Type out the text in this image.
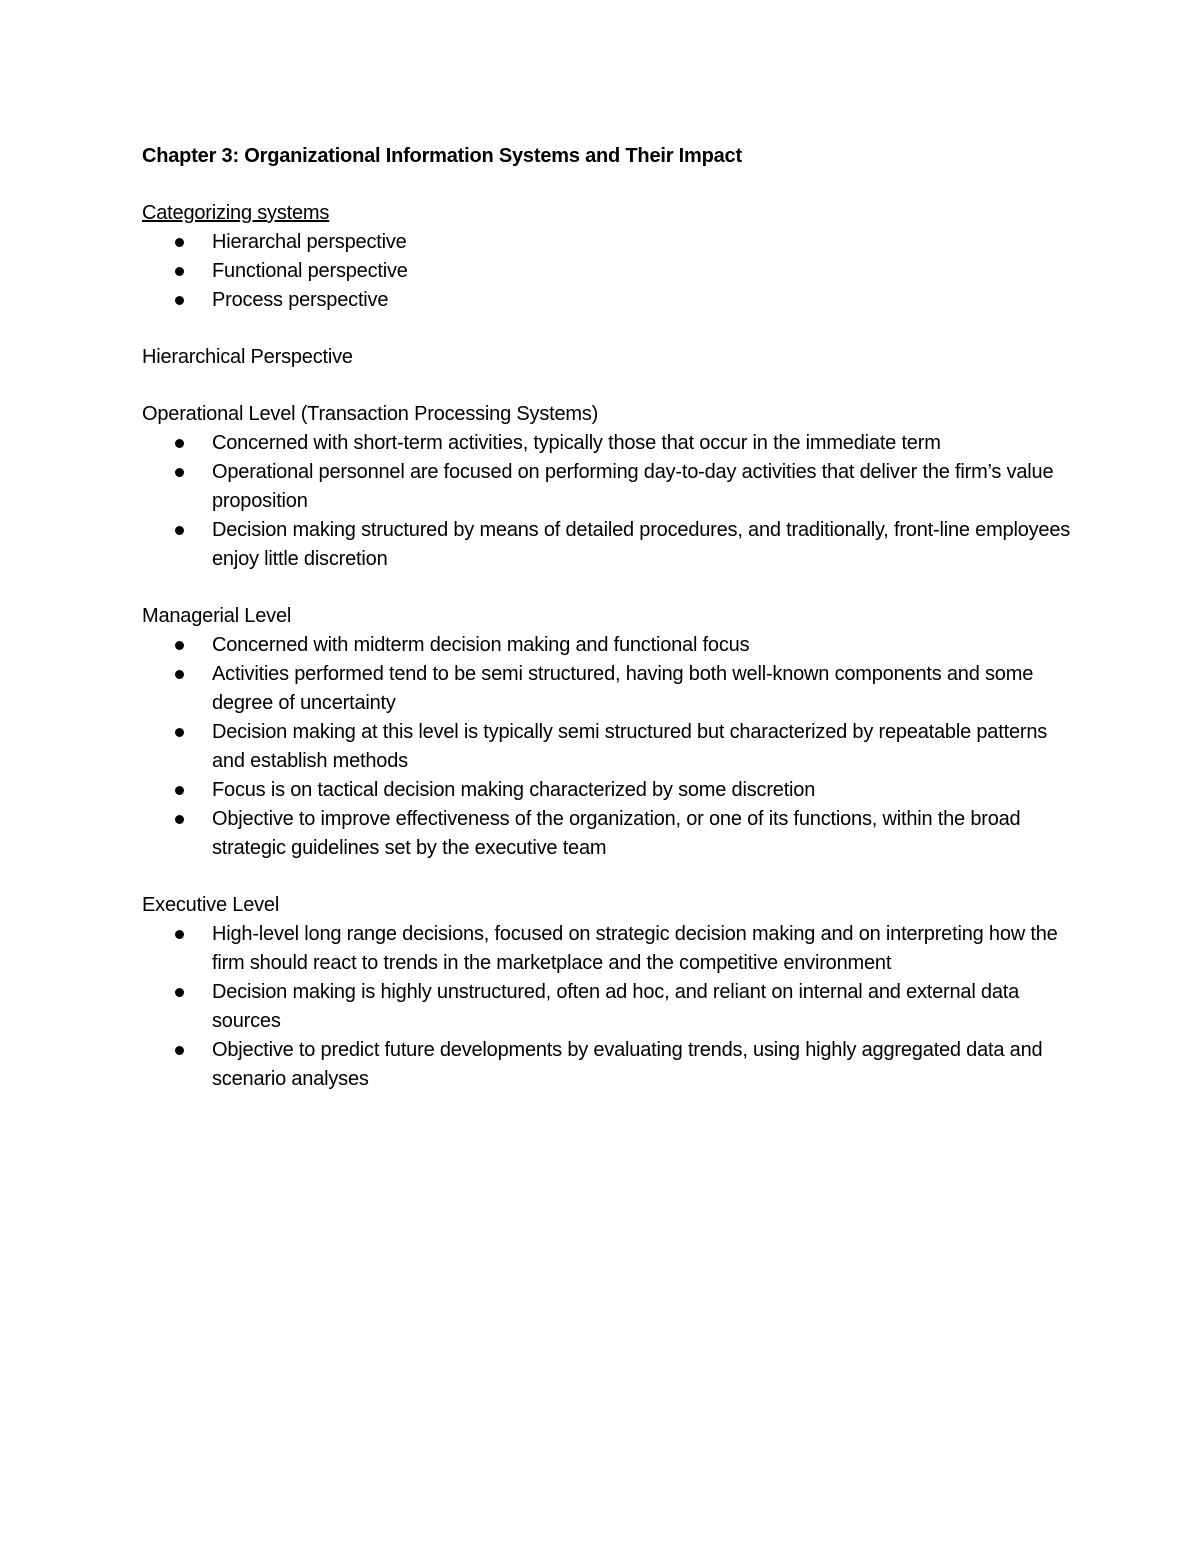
Chapter 3: Organizational Information Systems and Their Impact

Categorizing systems

Hierarchal perspective
Functional perspective
Process perspective

Hierarchical Perspective

Operational Level (Transaction Processing Systems)

Concerned with short-term activities, typically those that occur in the immediate term
Operational personnel are focused on performing day-to-day activities that deliver the firm’s value proposition
Decision making structured by means of detailed procedures, and traditionally, front-line employees enjoy little discretion

Managerial Level

Concerned with midterm decision making and functional focus
Activities performed tend to be semi structured, having both well-known components and some degree of uncertainty
Decision making at this level is typically semi structured but characterized by repeatable patterns and establish methods
Focus is on tactical decision making characterized by some discretion
Objective to improve effectiveness of the organization, or one of its functions, within the broad strategic guidelines set by the executive team

Executive Level

High-level long range decisions, focused on strategic decision making and on interpreting how the firm should react to trends in the marketplace and the competitive environment
Decision making is highly unstructured, often ad hoc, and reliant on internal and external data sources
Objective to predict future developments by evaluating trends, using highly aggregated data and scenario analyses
